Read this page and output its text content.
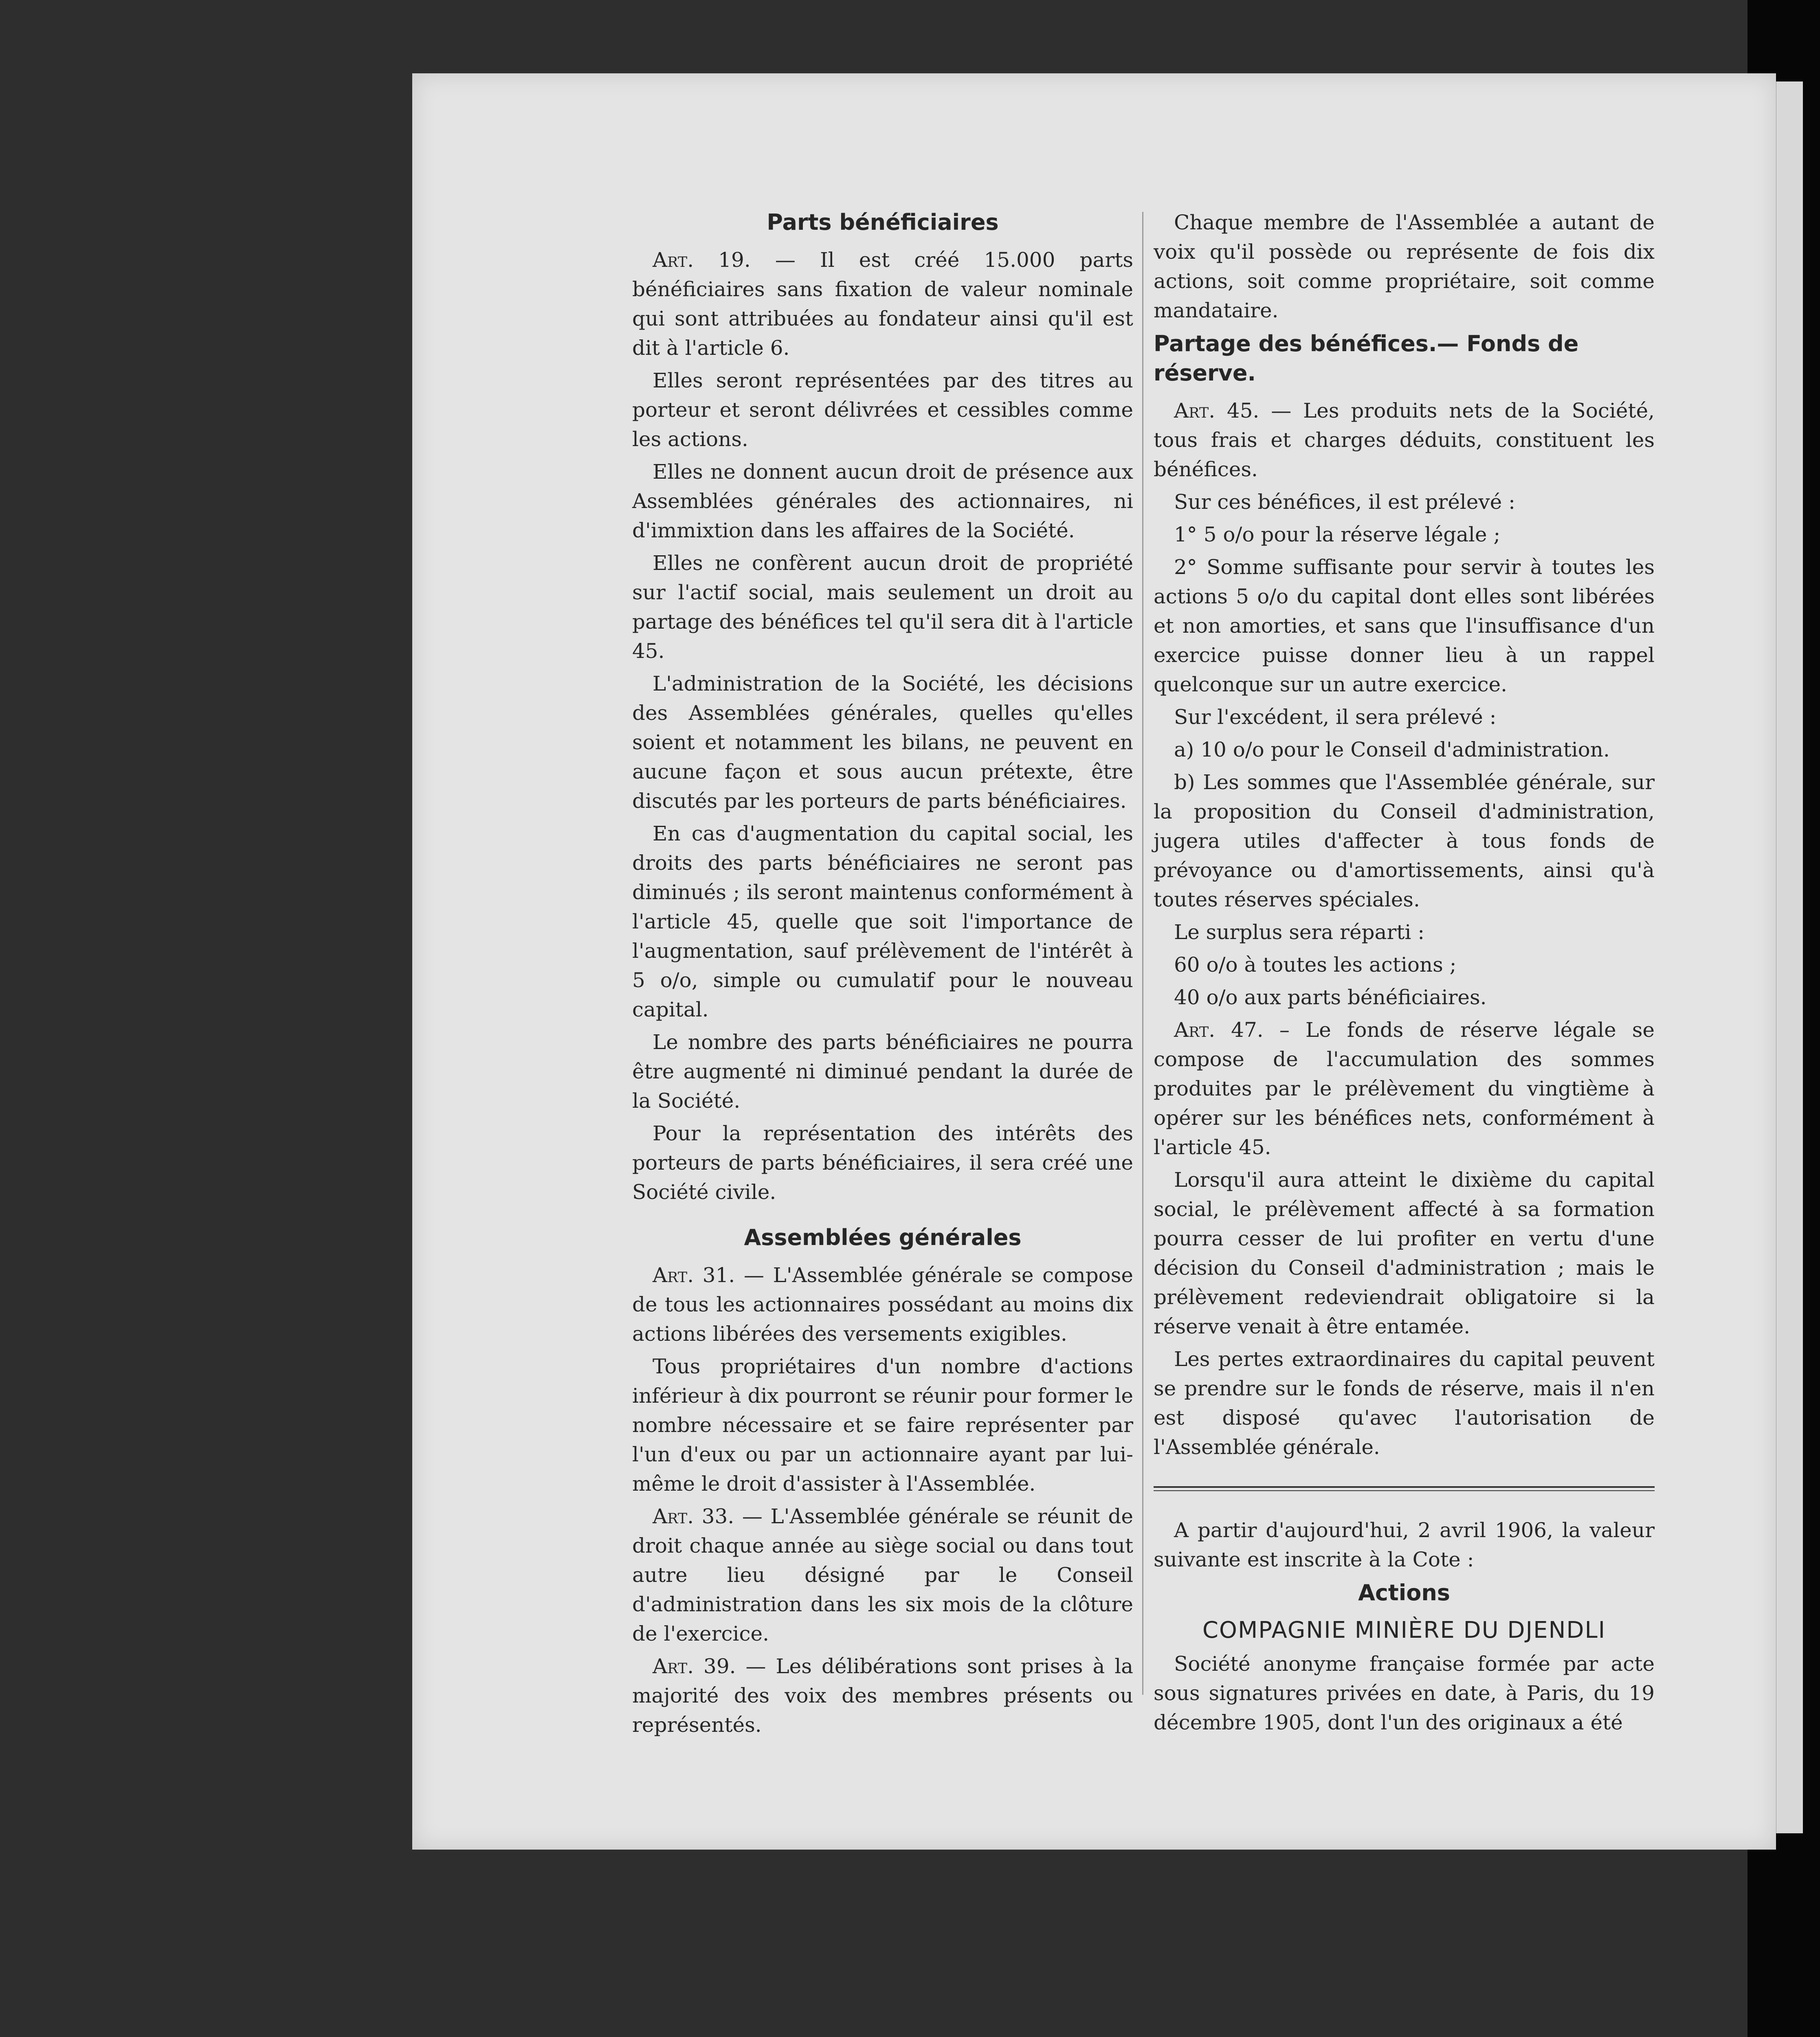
Parts bénéficiaires

Art. 19. — Il est créé 15.000 parts bénéficiaires sans fixation de valeur nominale qui sont attribuées au fondateur ainsi qu'il est dit à l'article 6.

Elles seront représentées par des titres au porteur et seront délivrées et cessibles comme les actions.

Elles ne donnent aucun droit de présence aux Assemblées générales des actionnaires, ni d'immixtion dans les affaires de la Société.

Elles ne confèrent aucun droit de propriété sur l'actif social, mais seulement un droit au partage des bénéfices tel qu'il sera dit à l'article 45.

L'administration de la Société, les décisions des Assemblées générales, quelles qu'elles soient et notamment les bilans, ne peuvent en aucune façon et sous aucun prétexte, être discutés par les porteurs de parts bénéficiaires.

En cas d'augmentation du capital social, les droits des parts bénéficiaires ne seront pas diminués ; ils seront maintenus conformément à l'article 45, quelle que soit l'importance de l'augmentation, sauf prélèvement de l'intérêt à 5 o/o, simple ou cumulatif pour le nouveau capital.

Le nombre des parts bénéficiaires ne pourra être augmenté ni diminué pendant la durée de la Société.

Pour la représentation des intérêts des porteurs de parts bénéficiaires, il sera créé une Société civile.

Assemblées générales

Art. 31. — L'Assemblée générale se compose de tous les actionnaires possédant au moins dix actions libérées des versements exigibles.

Tous propriétaires d'un nombre d'actions inférieur à dix pourront se réunir pour former le nombre nécessaire et se faire représenter par l'un d'eux ou par un actionnaire ayant par lui-même le droit d'assister à l'Assemblée.

Art. 33. — L'Assemblée générale se réunit de droit chaque année au siège social ou dans tout autre lieu désigné par le Conseil d'administration dans les six mois de la clôture de l'exercice.

Art. 39. — Les délibérations sont prises à la majorité des voix des membres présents ou représentés.

Chaque membre de l'Assemblée a autant de voix qu'il possède ou représente de fois dix actions, soit comme propriétaire, soit comme mandataire.

Partage des bénéfices.— Fonds de réserve.

Art. 45. — Les produits nets de la Société, tous frais et charges déduits, constituent les bénéfices.

Sur ces bénéfices, il est prélevé :

1° 5 o/o pour la réserve légale ;

2° Somme suffisante pour servir à toutes les actions 5 o/o du capital dont elles sont libérées et non amorties, et sans que l'insuffisance d'un exercice puisse donner lieu à un rappel quelconque sur un autre exercice.

Sur l'excédent, il sera prélevé :

a) 10 o/o pour le Conseil d'administration.

b) Les sommes que l'Assemblée générale, sur la proposition du Conseil d'administration, jugera utiles d'affecter à tous fonds de prévoyance ou d'amortissements, ainsi qu'à toutes réserves spéciales.

Le surplus sera réparti :

60 o/o à toutes les actions ;

40 o/o aux parts bénéficiaires.

Art. 47. – Le fonds de réserve légale se compose de l'accumulation des sommes produites par le prélèvement du vingtième à opérer sur les bénéfices nets, conformément à l'article 45.

Lorsqu'il aura atteint le dixième du capital social, le prélèvement affecté à sa formation pourra cesser de lui profiter en vertu d'une décision du Conseil d'administration ; mais le prélèvement redeviendrait obligatoire si la réserve venait à être entamée.

Les pertes extraordinaires du capital peuvent se prendre sur le fonds de réserve, mais il n'en est disposé qu'avec l'autorisation de l'Assemblée générale.

A partir d'aujourd'hui, 2 avril 1906, la valeur suivante est inscrite à la Cote :

Actions
COMPAGNIE MINIÈRE DU DJENDLI

Société anonyme française formée par acte sous signatures privées en date, à Paris, du 19 décembre 1905, dont l'un des originaux a été
